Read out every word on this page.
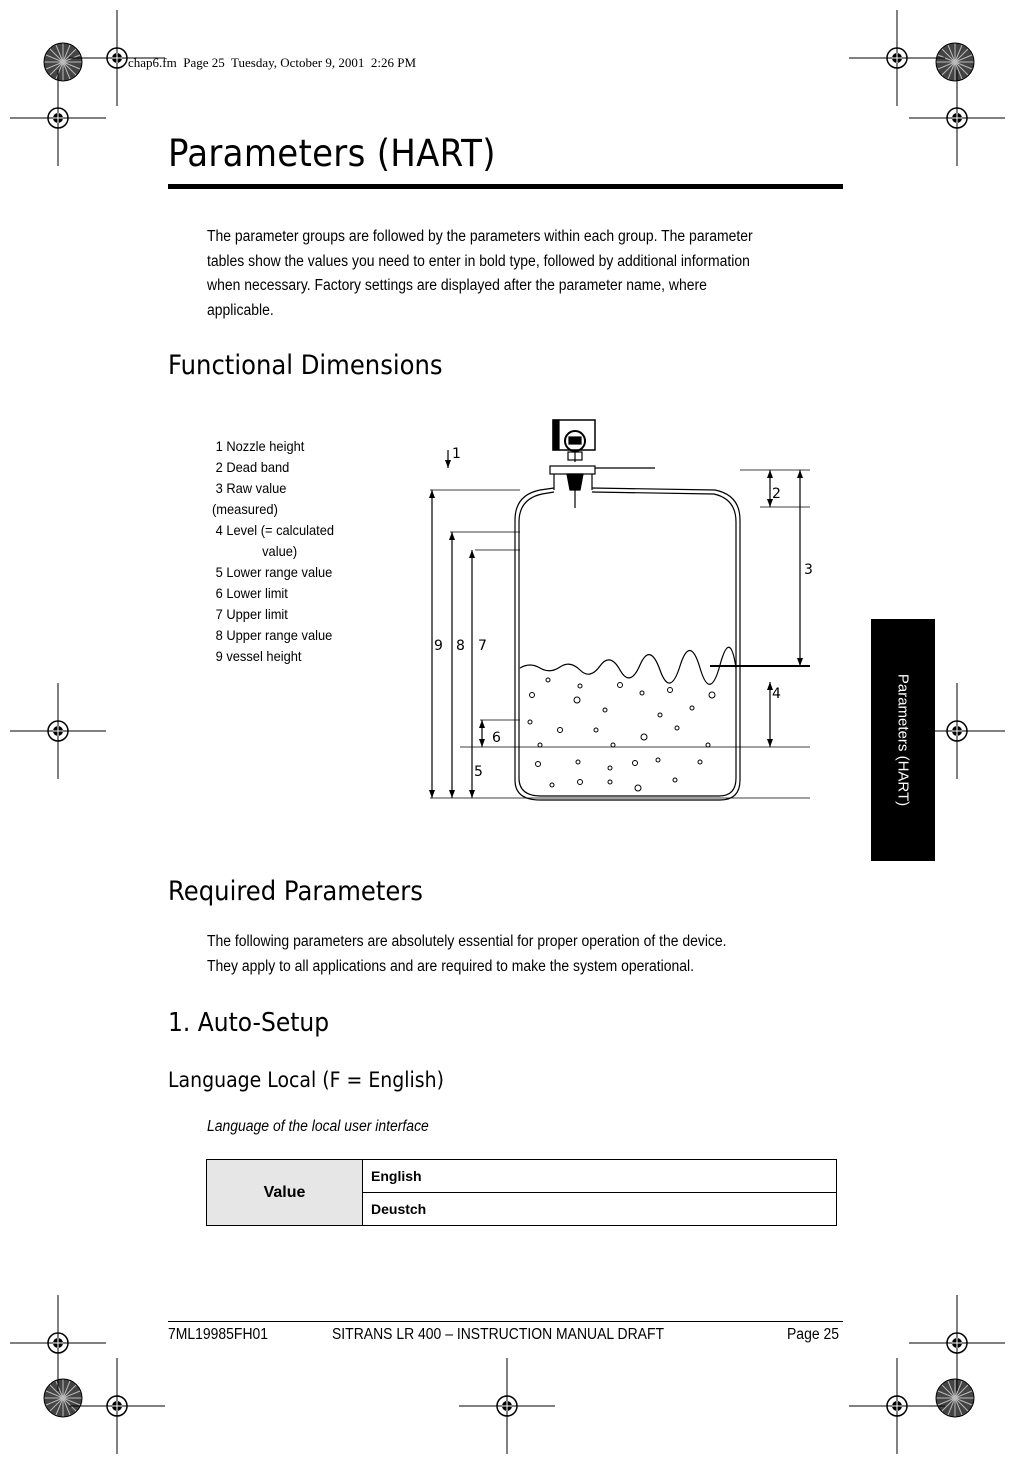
chap6.fm  Page 25  Tuesday, October 9, 2001  2:26 PM
Parameters (HART)
The parameter groups are followed by the parameters within each group. The parameter
tables show the values you need to enter in bold type, followed by additional information
when necessary. Factory settings are displayed after the parameter name, where
applicable.
Functional Dimensions
1 Nozzle height
2 Dead band
3 Raw value
(measured)
4 Level (= calculated
value)
5 Lower range value
6 Lower limit
7 Upper limit
8 Upper range value
9 vessel height
1
2
3
4
5
6
7
8
9
Parameters (HART)
Required Parameters
The following parameters are absolutely essential for proper operation of the device.
They apply to all applications and are required to make the system operational.
1. Auto-Setup
Language Local (F = English)
Language of the local user interface
Value	English
Deustch
7ML19985FH01	SITRANS LR 400 – INSTRUCTION MANUAL DRAFT	Page 25
